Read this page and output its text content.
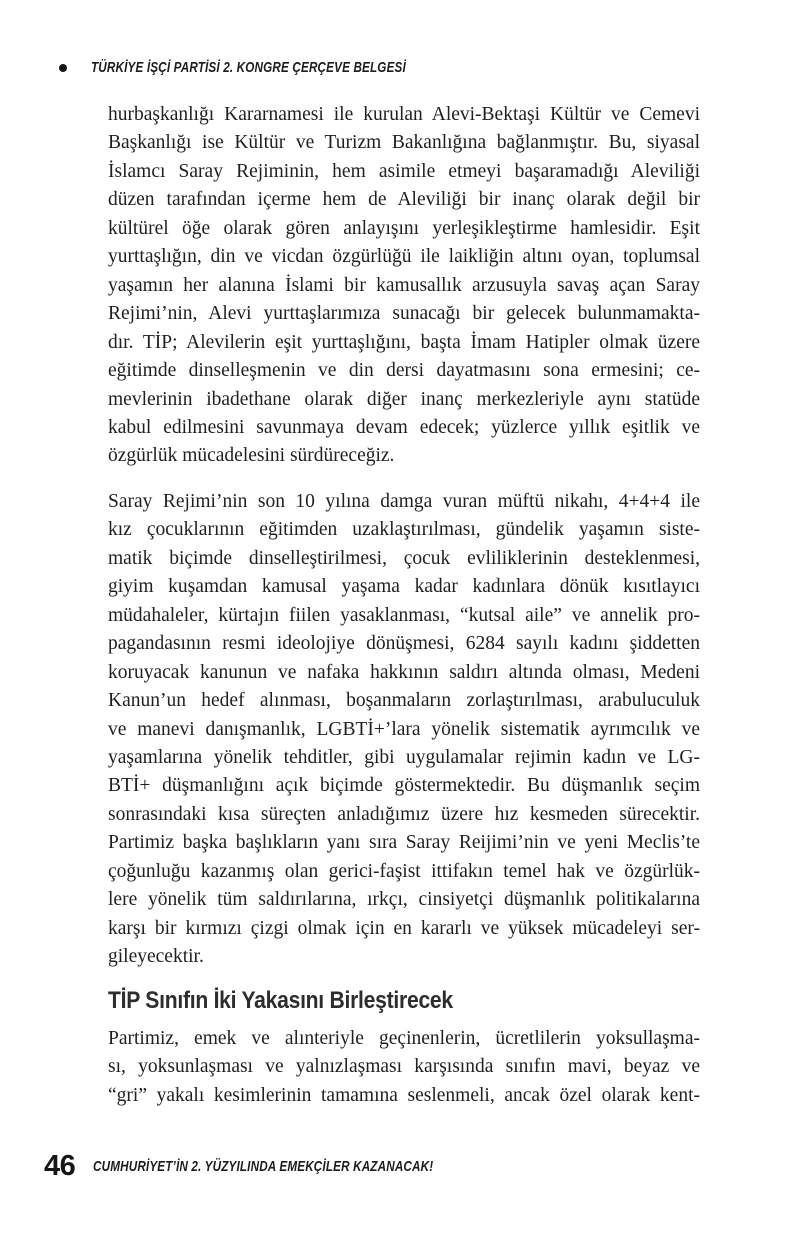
TÜRKİYE İŞÇİ PARTİSİ 2. KONGRE ÇERÇEVE BELGESİ
hurbaşkanlığı Kararnamesi ile kurulan Alevi-Bektaşi Kültür ve Cemevi
Başkanlığı ise Kültür ve Turizm Bakanlığına bağlanmıştır. Bu, siyasal
İslamcı Saray Rejiminin, hem asimile etmeyi başaramadığı Aleviliği
düzen tarafından içerme hem de Aleviliği bir inanç olarak değil bir
kültürel öğe olarak gören anlayışını yerleşikleştirme hamlesidir. Eşit
yurttaşlığın, din ve vicdan özgürlüğü ile laikliğin altını oyan, toplumsal
yaşamın her alanına İslami bir kamusallık arzusuyla savaş açan Saray
Rejimi’nin, Alevi yurttaşlarımıza sunacağı bir gelecek bulunmamakta-
dır. TİP; Alevilerin eşit yurttaşlığını, başta İmam Hatipler olmak üzere
eğitimde dinselleşmenin ve din dersi dayatmasını sona ermesini; ce-
mevlerinin ibadethane olarak diğer inanç merkezleriyle aynı statüde
kabul edilmesini savunmaya devam edecek; yüzlerce yıllık eşitlik ve
özgürlük mücadelesini sürdüreceğiz.
Saray Rejimi’nin son 10 yılına damga vuran müftü nikahı, 4+4+4 ile
kız çocuklarının eğitimden uzaklaştırılması, gündelik yaşamın siste-
matik biçimde dinselleştirilmesi, çocuk evliliklerinin desteklenmesi,
giyim kuşamdan kamusal yaşama kadar kadınlara dönük kısıtlayıcı
müdahaleler, kürtajın fiilen yasaklanması, “kutsal aile” ve annelik pro-
pagandasının resmi ideolojiye dönüşmesi, 6284 sayılı kadını şiddetten
koruyacak kanunun ve nafaka hakkının saldırı altında olması, Medeni
Kanun’un hedef alınması, boşanmaların zorlaştırılması, arabuluculuk
ve manevi danışmanlık, LGBTİ+’lara yönelik sistematik ayrımcılık ve
yaşamlarına yönelik tehditler, gibi uygulamalar rejimin kadın ve LG-
BTİ+ düşmanlığını açık biçimde göstermektedir. Bu düşmanlık seçim
sonrasındaki kısa süreçten anladığımız üzere hız kesmeden sürecektir.
Partimiz başka başlıkların yanı sıra Saray Reijimi’nin ve yeni Meclis’te
çoğunluğu kazanmış olan gerici-faşist ittifakın temel hak ve özgürlük-
lere yönelik tüm saldırılarına, ırkçı, cinsiyetçi düşmanlık politikalarına
karşı bir kırmızı çizgi olmak için en kararlı ve yüksek mücadeleyi ser-
gileyecektir.
TİP Sınıfın İki Yakasını Birleştirecek
Partimiz, emek ve alınteriyle geçinenlerin, ücretlilerin yoksullaşma-
sı, yoksunlaşması ve yalnızlaşması karşısında sınıfın mavi, beyaz ve
“gri” yakalı kesimlerinin tamamına seslenmeli, ancak özel olarak kent-
46 CUMHURİYET’İN 2. YÜZYILINDA EMEKÇİLER KAZANACAK!
